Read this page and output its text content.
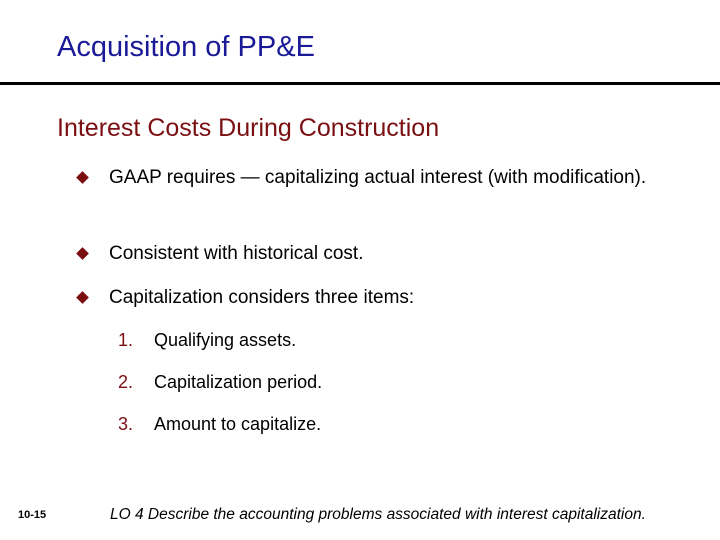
Acquisition of PP&E
Interest Costs During Construction
GAAP requires — capitalizing actual interest (with modification).
Consistent with historical cost.
Capitalization considers three items:
1. Qualifying assets.
2. Capitalization period.
3. Amount to capitalize.
10-15	LO 4 Describe the accounting problems associated with interest capitalization.
